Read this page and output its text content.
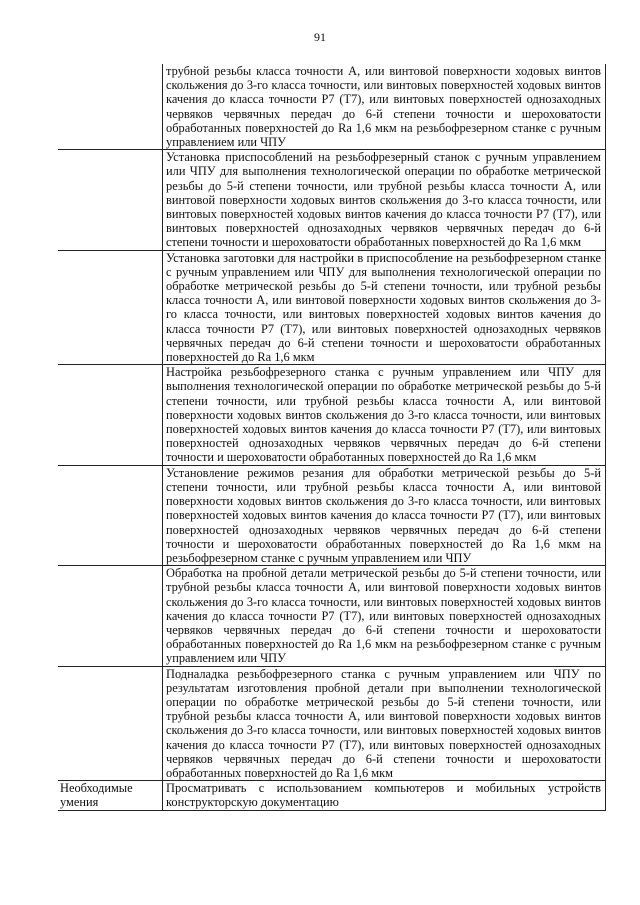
91
	трубной резьбы класса точности А, или винтовой поверхности ходовых винтов скольжения до 3-го класса точности, или винтовых поверхностей ходовых винтов качения до класса точности Р7 (Т7), или винтовых поверхностей однозаходных червяков червячных передач до 6-й степени точности и шероховатости обработанных поверхностей до Ra 1,6 мкм на резьбофрезерном станке с ручным управлением или ЧПУ
	Установка приспособлений на резьбофрезерный станок с ручным управлением или ЧПУ для выполнения технологической операции по обработке метрической резьбы до 5-й степени точности, или трубной резьбы класса точности А, или винтовой поверхности ходовых винтов скольжения до 3-го класса точности, или винтовых поверхностей ходовых винтов качения до класса точности Р7 (Т7), или винтовых поверхностей однозаходных червяков червячных передач до 6-й степени точности и шероховатости обработанных поверхностей до Ra 1,6 мкм
	Установка заготовки для настройки в приспособление на резьбофрезерном станке с ручным управлением или ЧПУ для выполнения технологической операции по обработке метрической резьбы до 5-й степени точности, или трубной резьбы класса точности А, или винтовой поверхности ходовых винтов скольжения до 3-го класса точности, или винтовых поверхностей ходовых винтов качения до класса точности Р7 (Т7), или винтовых поверхностей однозаходных червяков червячных передач до 6-й степени точности и шероховатости обработанных поверхностей до Ra 1,6 мкм
	Настройка резьбофрезерного станка с ручным управлением или ЧПУ для выполнения технологической операции по обработке метрической резьбы до 5-й степени точности, или трубной резьбы класса точности А, или винтовой поверхности ходовых винтов скольжения до 3-го класса точности, или винтовых поверхностей ходовых винтов качения до класса точности Р7 (Т7), или винтовых поверхностей однозаходных червяков червячных передач до 6-й степени точности и шероховатости обработанных поверхностей до Ra 1,6 мкм
	Установление режимов резания для обработки метрической резьбы до 5-й степени точности, или трубной резьбы класса точности А, или винтовой поверхности ходовых винтов скольжения до 3-го класса точности, или винтовых поверхностей ходовых винтов качения до класса точности Р7 (Т7), или винтовых поверхностей однозаходных червяков червячных передач до 6-й степени точности и шероховатости обработанных поверхностей до Ra 1,6 мкм на резьбофрезерном станке с ручным управлением или ЧПУ
	Обработка на пробной детали метрической резьбы до 5-й степени точности, или трубной резьбы класса точности А, или винтовой поверхности ходовых винтов скольжения до 3-го класса точности, или винтовых поверхностей ходовых винтов качения до класса точности Р7 (Т7), или винтовых поверхностей однозаходных червяков червячных передач до 6-й степени точности и шероховатости обработанных поверхностей до Ra 1,6 мкм на резьбофрезерном станке с ручным управлением или ЧПУ
	Подналадка резьбофрезерного станка с ручным управлением или ЧПУ по результатам изготовления пробной детали при выполнении технологической операции по обработке метрической резьбы до 5-й степени точности, или трубной резьбы класса точности А, или винтовой поверхности ходовых винтов скольжения до 3-го класса точности, или винтовых поверхностей ходовых винтов качения до класса точности Р7 (Т7), или винтовых поверхностей однозаходных червяков червячных передач до 6-й степени точности и шероховатости обработанных поверхностей до Ra 1,6 мкм
Необходимые умения	Просматривать с использованием компьютеров и мобильных устройств конструкторскую документацию
